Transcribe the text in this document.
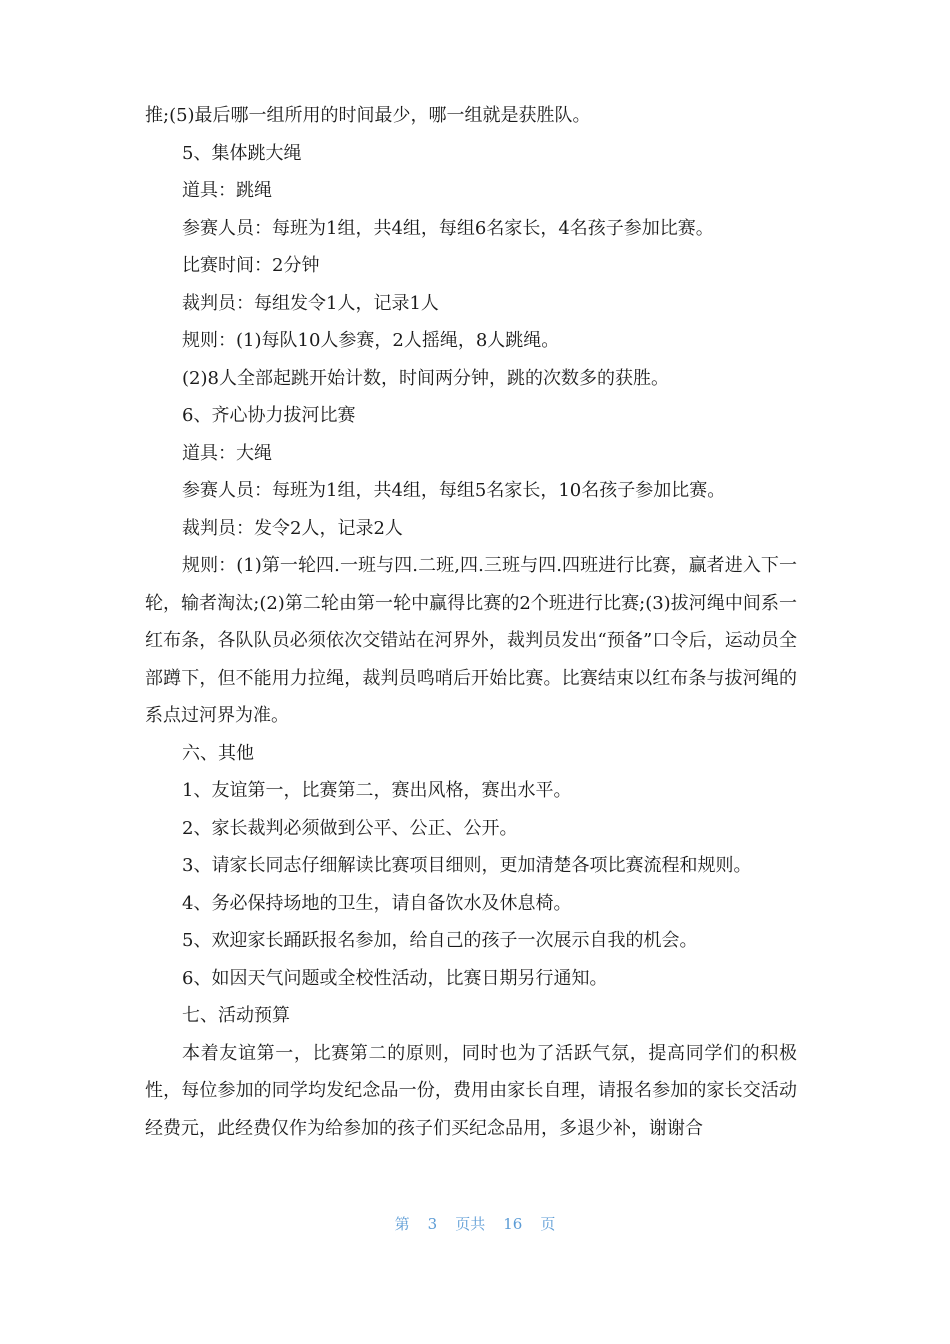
推;(5)最后哪一组所用的时间最少，哪一组就是获胜队。

5、集体跳大绳

道具：跳绳

参赛人员：每班为1组，共4组，每组6名家长，4名孩子参加比赛。

比赛时间：2分钟

裁判员：每组发令1人，记录1人

规则：(1)每队10人参赛，2人摇绳，8人跳绳。

(2)8人全部起跳开始计数，时间两分钟，跳的次数多的获胜。

6、齐心协力拔河比赛

道具：大绳

参赛人员：每班为1组，共4组，每组5名家长，10名孩子参加比赛。

裁判员：发令2人，记录2人

规则：(1)第一轮四.一班与四.二班,四.三班与四.四班进行比赛，赢者进入下一轮，输者淘汰;(2)第二轮由第一轮中赢得比赛的2个班进行比赛;(3)拔河绳中间系一红布条，各队队员必须依次交错站在河界外，裁判员发出“预备”口令后，运动员全部蹲下，但不能用力拉绳，裁判员鸣哨后开始比赛。比赛结束以红布条与拔河绳的系点过河界为准。

六、其他

1、友谊第一，比赛第二，赛出风格，赛出水平。

2、家长裁判必须做到公平、公正、公开。

3、请家长同志仔细解读比赛项目细则，更加清楚各项比赛流程和规则。

4、务必保持场地的卫生，请自备饮水及休息椅。

5、欢迎家长踊跃报名参加，给自己的孩子一次展示自我的机会。

6、如因天气问题或全校性活动，比赛日期另行通知。

七、活动预算

本着友谊第一，比赛第二的原则，同时也为了活跃气氛，提高同学们的积极性，每位参加的同学均发纪念品一份，费用由家长自理，请报名参加的家长交活动经费元，此经费仅作为给参加的孩子们买纪念品用，多退少补，谢谢合

第 3 页共 16 页
